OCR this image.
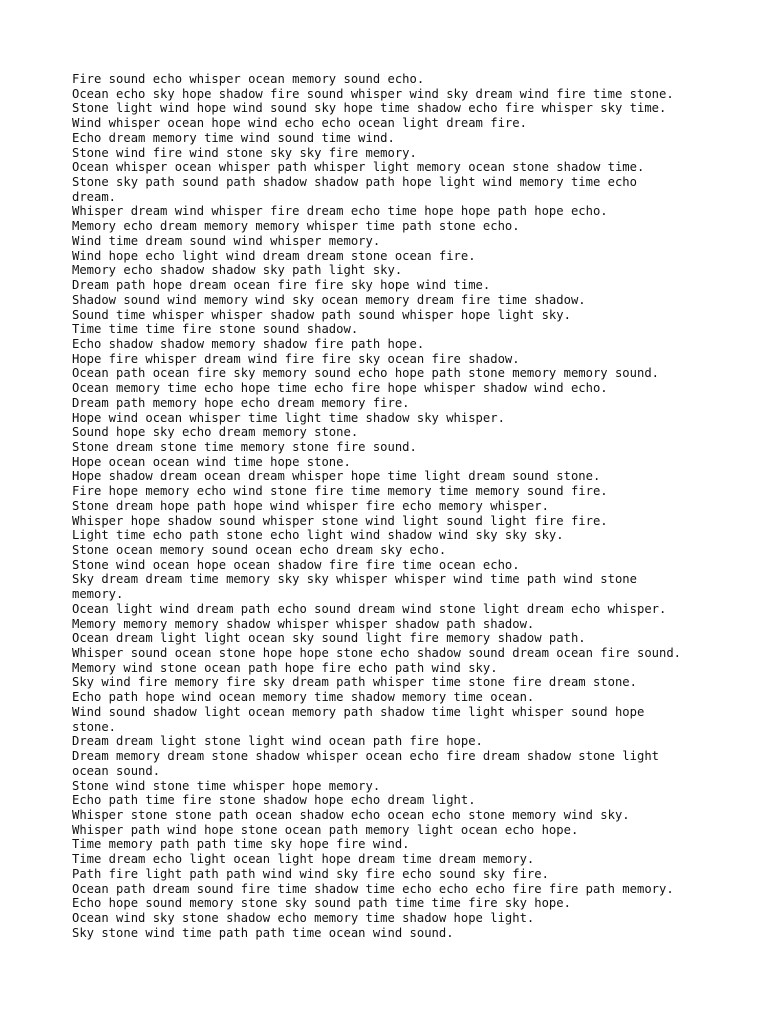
Fire sound echo whisper ocean memory sound echo.

Ocean echo sky hope shadow fire sound whisper wind sky dream wind fire time stone.

Stone light wind hope wind sound sky hope time shadow echo fire whisper sky time.

Wind whisper ocean hope wind echo echo ocean light dream fire.

Echo dream memory time wind sound time wind.

Stone wind fire wind stone sky sky fire memory.

Ocean whisper ocean whisper path whisper light memory ocean stone shadow time.

Stone sky path sound path shadow shadow path hope light wind memory time echo
dream.

Whisper dream wind whisper fire dream echo time hope hope path hope echo.

Memory echo dream memory memory whisper time path stone echo.

Wind time dream sound wind whisper memory.

Wind hope echo light wind dream dream stone ocean fire.

Memory echo shadow shadow sky path light sky.

Dream path hope dream ocean fire fire sky hope wind time.

Shadow sound wind memory wind sky ocean memory dream fire time shadow.

Sound time whisper whisper shadow path sound whisper hope light sky.

Time time time fire stone sound shadow.

Echo shadow shadow memory shadow fire path hope.

Hope fire whisper dream wind fire fire sky ocean fire shadow.

Ocean path ocean fire sky memory sound echo hope path stone memory memory sound.

Ocean memory time echo hope time echo fire hope whisper shadow wind echo.

Dream path memory hope echo dream memory fire.

Hope wind ocean whisper time light time shadow sky whisper.

Sound hope sky echo dream memory stone.

Stone dream stone time memory stone fire sound.

Hope ocean ocean wind time hope stone.

Hope shadow dream ocean dream whisper hope time light dream sound stone.

Fire hope memory echo wind stone fire time memory time memory sound fire.

Stone dream hope path hope wind whisper fire echo memory whisper.

Whisper hope shadow sound whisper stone wind light sound light fire fire.

Light time echo path stone echo light wind shadow wind sky sky sky.

Stone ocean memory sound ocean echo dream sky echo.

Stone wind ocean hope ocean shadow fire fire time ocean echo.

Sky dream dream time memory sky sky whisper whisper wind time path wind stone
memory.

Ocean light wind dream path echo sound dream wind stone light dream echo whisper.

Memory memory memory shadow whisper whisper shadow path shadow.

Ocean dream light light ocean sky sound light fire memory shadow path.

Whisper sound ocean stone hope hope stone echo shadow sound dream ocean fire sound.

Memory wind stone ocean path hope fire echo path wind sky.

Sky wind fire memory fire sky dream path whisper time stone fire dream stone.

Echo path hope wind ocean memory time shadow memory time ocean.

Wind sound shadow light ocean memory path shadow time light whisper sound hope
stone.

Dream dream light stone light wind ocean path fire hope.

Dream memory dream stone shadow whisper ocean echo fire dream shadow stone light
ocean sound.

Stone wind stone time whisper hope memory.

Echo path time fire stone shadow hope echo dream light.

Whisper stone stone path ocean shadow echo ocean echo stone memory wind sky.

Whisper path wind hope stone ocean path memory light ocean echo hope.

Time memory path path time sky hope fire wind.

Time dream echo light ocean light hope dream time dream memory.

Path fire light path path wind wind sky fire echo sound sky fire.

Ocean path dream sound fire time shadow time echo echo echo fire fire path memory.

Echo hope sound memory stone sky sound path time time fire sky hope.

Ocean wind sky stone shadow echo memory time shadow hope light.

Sky stone wind time path path time ocean wind sound.
